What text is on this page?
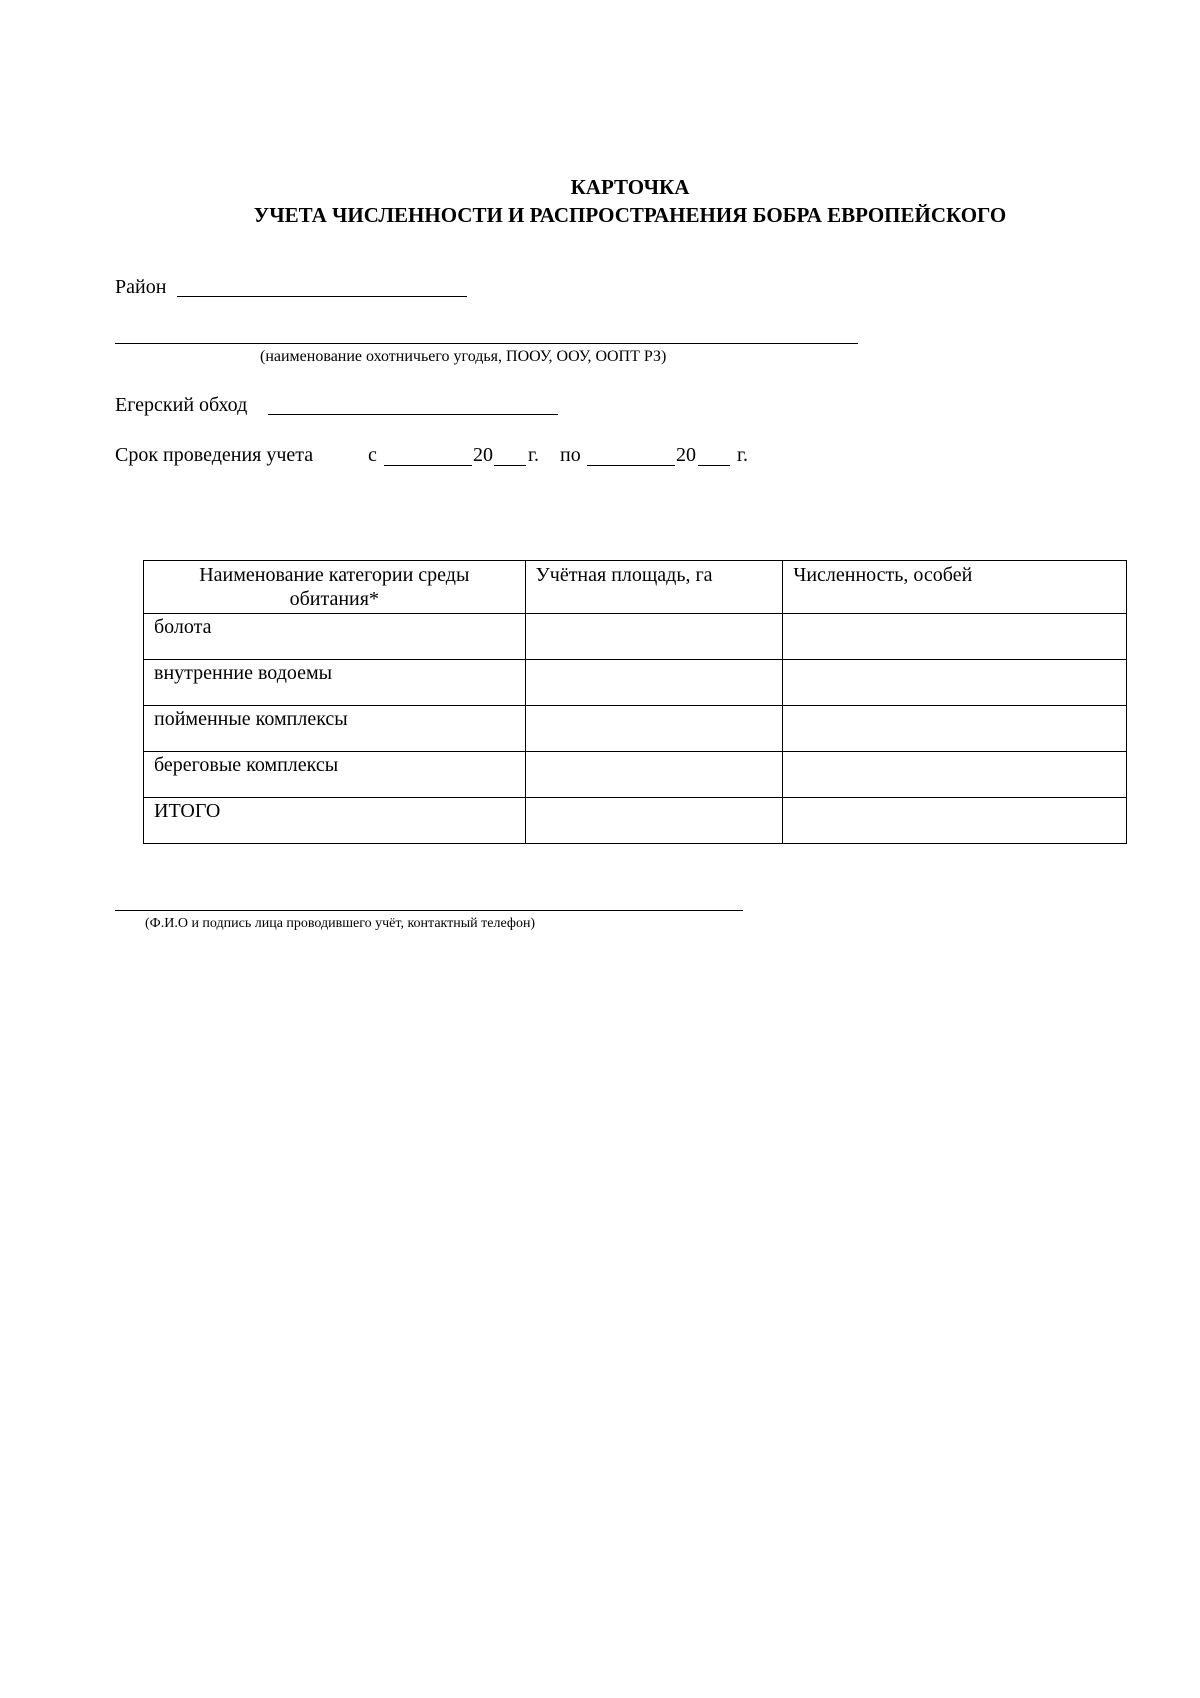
КАРТОЧКА
УЧЕТА ЧИСЛЕННОСТИ И РАСПРОСТРАНЕНИЯ БОБРА ЕВРОПЕЙСКОГО
Район
(наименование охотничьего угодья, ПООУ, ООУ, ООПТ РЗ)
Егерский обход
Срок проведения учета	с	20 г. по	20 г.
Наименование категории среды обитания*	Учётная площадь, га	Численность, особей
болота		
внутренние водоемы		
пойменные комплексы		
береговые комплексы		
ИТОГО		
(Ф.И.О и подпись лица проводившего учёт, контактный телефон)
